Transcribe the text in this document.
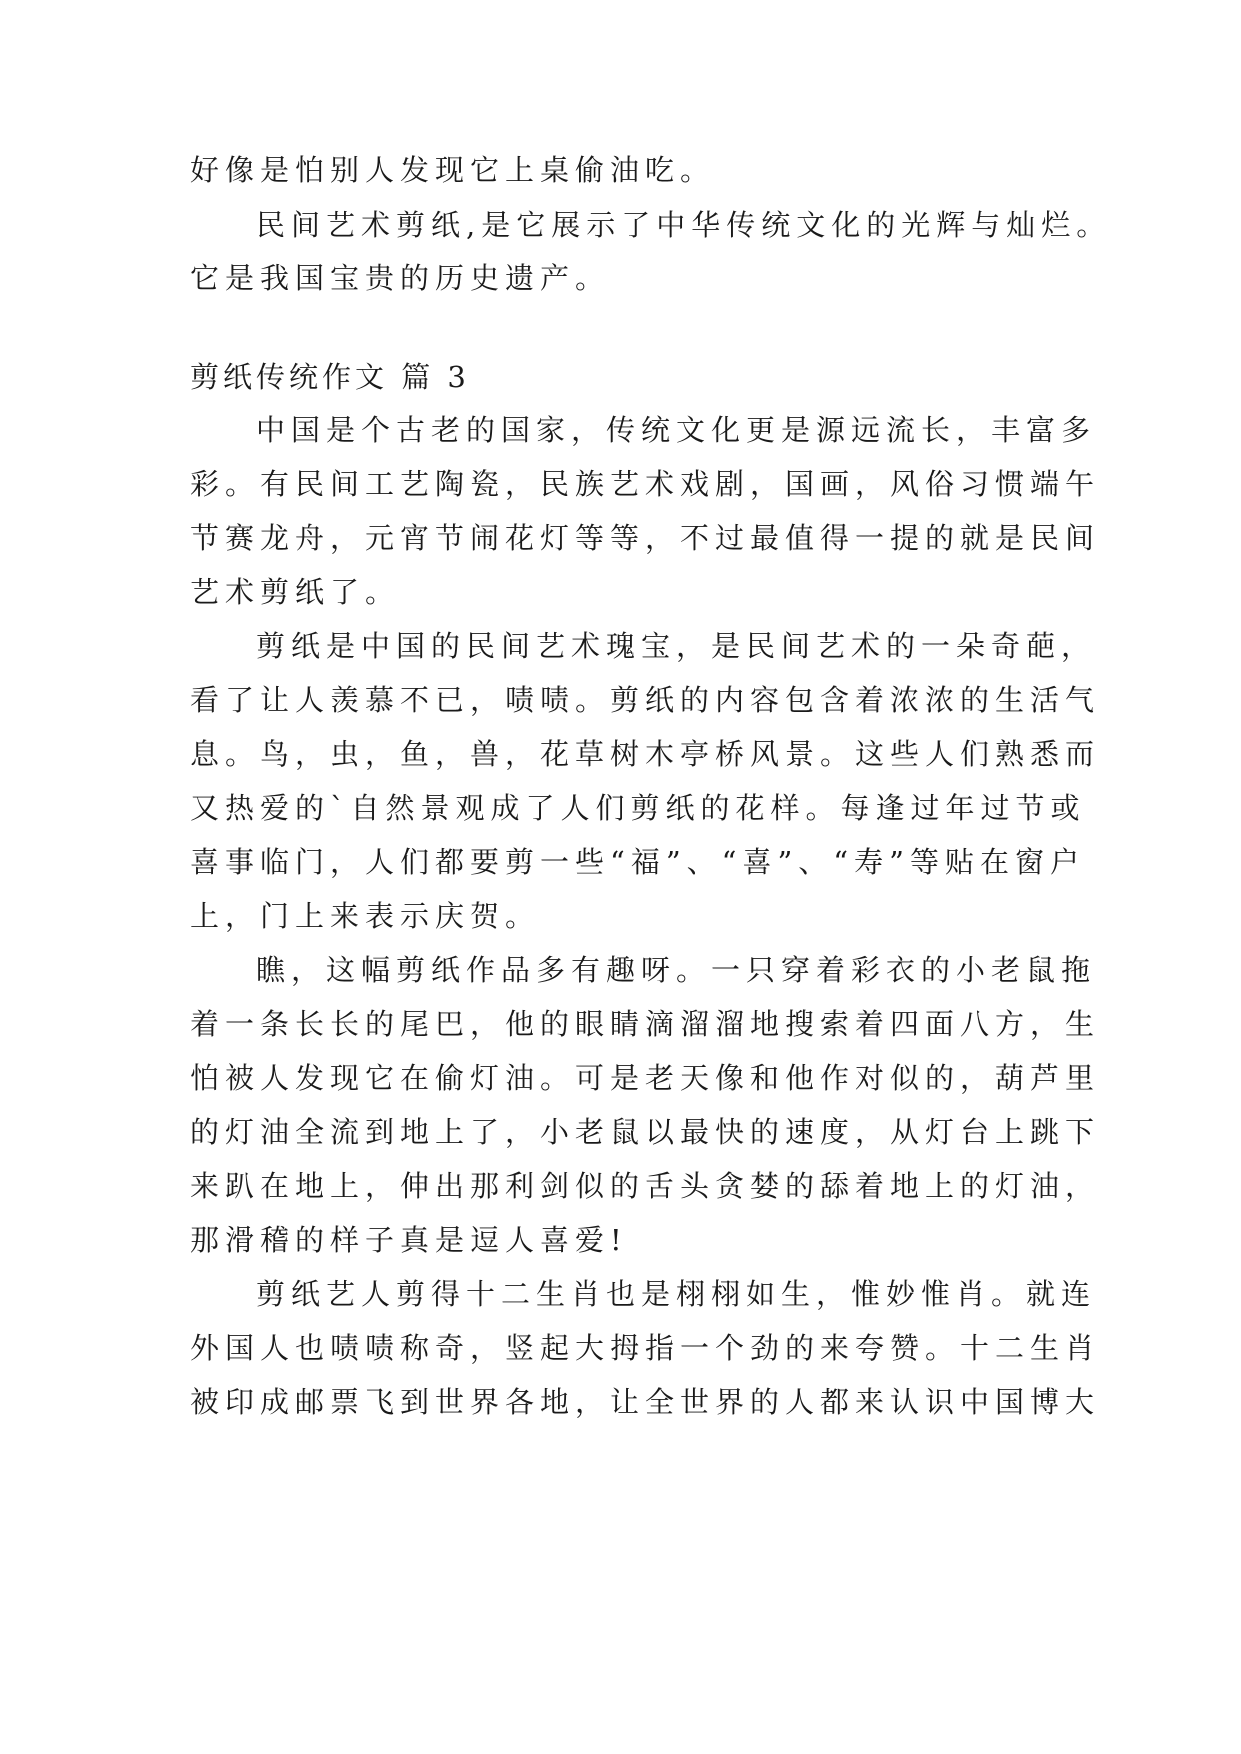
好像是怕别人发现它上桌偷油吃。
民间艺术剪纸,是它展示了中华传统文化的光辉与灿烂。
它是我国宝贵的历史遗产。
剪纸传统作文 篇 3
中国是个古老的国家，传统文化更是源远流长，丰富多
彩。有民间工艺陶瓷，民族艺术戏剧，国画，风俗习惯端午
节赛龙舟，元宵节闹花灯等等，不过最值得一提的就是民间
艺术剪纸了。
剪纸是中国的民间艺术瑰宝，是民间艺术的一朵奇葩，
看了让人羡慕不已，啧啧。剪纸的内容包含着浓浓的生活气
息。鸟，虫，鱼，兽，花草树木亭桥风景。这些人们熟悉而
又热爱的`自然景观成了人们剪纸的花样。每逢过年过节或
喜事临门，人们都要剪一些“福”、“喜”、“寿”等贴在窗户
上，门上来表示庆贺。
瞧，这幅剪纸作品多有趣呀。一只穿着彩衣的小老鼠拖
着一条长长的尾巴，他的眼睛滴溜溜地搜索着四面八方，生
怕被人发现它在偷灯油。可是老天像和他作对似的，葫芦里
的灯油全流到地上了，小老鼠以最快的速度，从灯台上跳下
来趴在地上，伸出那利剑似的舌头贪婪的舔着地上的灯油，
那滑稽的样子真是逗人喜爱!
剪纸艺人剪得十二生肖也是栩栩如生，惟妙惟肖。就连
外国人也啧啧称奇，竖起大拇指一个劲的来夸赞。十二生肖
被印成邮票飞到世界各地，让全世界的人都来认识中国博大
